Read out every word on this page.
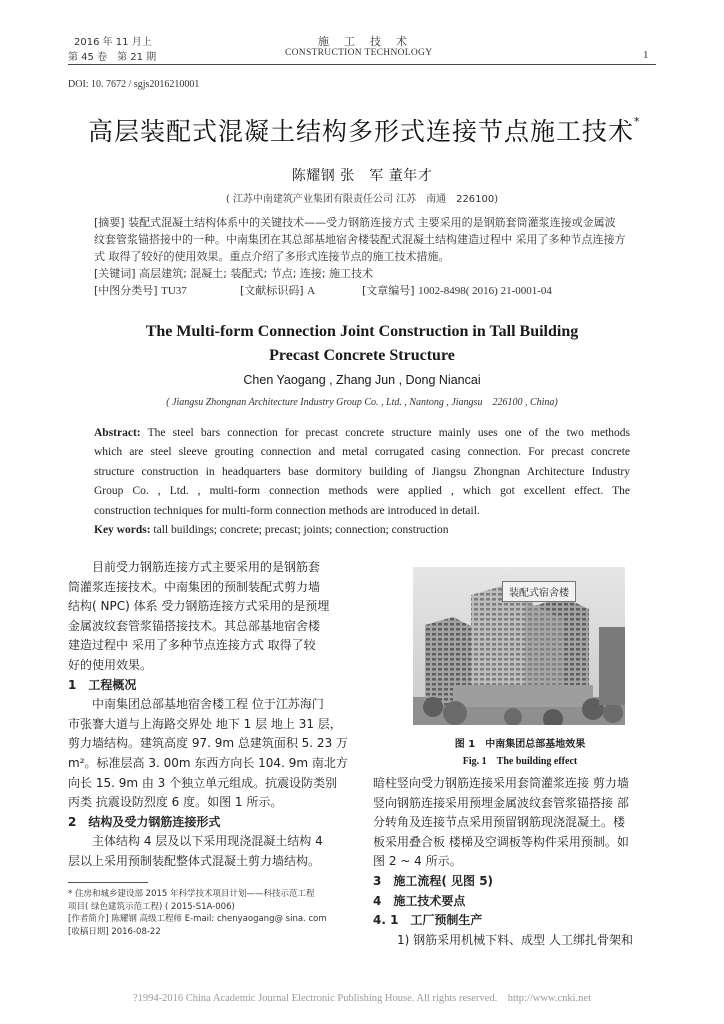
2016 年 11 月上
第 45 卷　第 21 期
施　工　技　术
CONSTRUCTION TECHNOLOGY	1
DOI: 10. 7672 / sgjs2016210001
高层装配式混凝土结构多形式连接节点施工技术*
陈耀钢 张　军 董年才
( 江苏中南建筑产业集团有限责任公司 江苏　南通　226100)
[摘要] 装配式混凝土结构体系中的关键技术——受力钢筋连接方式 主要采用的是钢筋套筒灌浆连接或金属波
纹套管浆锚搭接中的一种。中南集团在其总部基地宿舍楼装配式混凝土结构建造过程中 采用了多种节点连接方
式 取得了较好的使用效果。重点介绍了多形式连接节点的施工技术措施。
[关键词] 高层建筑; 混凝土; 装配式; 节点; 连接; 施工技术
[中图分类号] TU37	[文献标识码] A	[文章编号] 1002-8498( 2016) 21-0001-04
The Multi-form Connection Joint Construction in Tall Building
Precast Concrete Structure
Chen Yaogang , Zhang Jun , Dong Niancai
( Jiangsu Zhongnan Architecture Industry Group Co. , Ltd. , Nantong , Jiangsu　226100 , China)
Abstract: The steel bars connection for precast concrete structure mainly uses one of the two methods
which are steel sleeve grouting connection and metal corrugated casing connection. For precast concrete
structure construction in headquarters base dormitory building of Jiangsu Zhongnan Architecture Industry
Group Co. , Ltd. , multi-form connection methods were applied , which got excellent effect. The
construction techniques for multi-form connection methods are introduced in detail.
Key words: tall buildings; concrete; precast; joints; connection; construction
目前受力钢筋连接方式主要采用的是钢筋套
筒灌浆连接技术。中南集团的预制装配式剪力墙
结构( NPC) 体系 受力钢筋连接方式采用的是预埋
金属波纹套管浆锚搭接技术。其总部基地宿舍楼
建造过程中 采用了多种节点连接方式 取得了较
好的使用效果。
1　工程概况
中南集团总部基地宿舍楼工程 位于江苏海门
市张謇大道与上海路交界处 地下 1 层 地上 31 层，
剪力墙结构。建筑高度 97. 9m 总建筑面积 5. 23 万
m²。标准层高 3. 00m 东西方向长 104. 9m 南北方
向长 15. 9m 由 3 个独立单元组成。抗震设防类别
丙类 抗震设防烈度 6 度。如图 1 所示。
2　结构及受力钢筋连接形式
主体结构 4 层及以下采用现浇混凝土结构 4
层以上采用预制装配整体式混凝土剪力墙结构。
* 住房和城乡建设部 2015 年科学技术项目计划——科技示范工程
项目( 绿色建筑示范工程) ( 2015-S1A-006)
[作者简介] 陈耀钢 高级工程师 E-mail: chenyaogang@ sina. com
[收稿日期] 2016-08-22
装配式宿舍楼
图 1　中南集团总部基地效果
Fig. 1　The building effect
暗柱竖向受力钢筋连接采用套筒灌浆连接 剪力墙
竖向钢筋连接采用预埋金属波纹套管浆锚搭接 部
分转角及连接节点采用预留钢筋现浇混凝土。楼
板采用叠合板 楼梯及空调板等构件采用预制。如
图 2 ~ 4 所示。
3　施工流程( 见图 5)
4　施工技术要点
4. 1　工厂预制生产
1) 钢筋采用机械下料、成型 人工绑扎骨架和
?1994-2016 China Academic Journal Electronic Publishing House. All rights reserved.　http://www.cnki.net
